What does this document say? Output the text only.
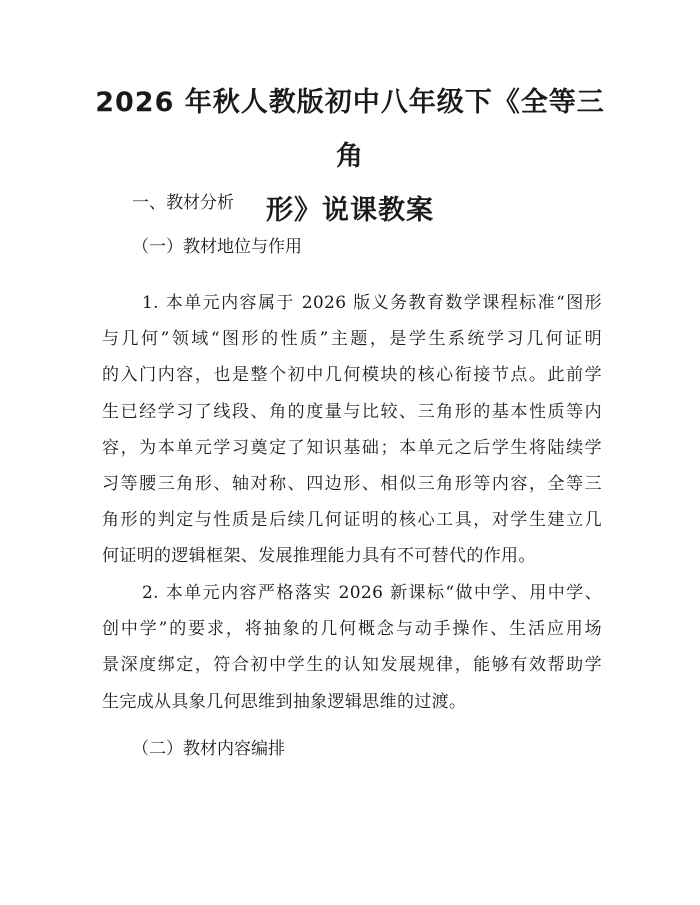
2026 年秋人教版初中八年级下《全等三角
形》说课教案

一、教材分析

（一）教材地位与作用

1. 本单元内容属于 2026 版义务教育数学课程标准“图形
与几何”领域“图形的性质”主题，是学生系统学习几何证明
的入门内容，也是整个初中几何模块的核心衔接节点。此前学
生已经学习了线段、角的度量与比较、三角形的基本性质等内
容，为本单元学习奠定了知识基础；本单元之后学生将陆续学
习等腰三角形、轴对称、四边形、相似三角形等内容，全等三
角形的判定与性质是后续几何证明的核心工具，对学生建立几
何证明的逻辑框架、发展推理能力具有不可替代的作用。
2. 本单元内容严格落实 2026 新课标“做中学、用中学、
创中学”的要求，将抽象的几何概念与动手操作、生活应用场
景深度绑定，符合初中学生的认知发展规律，能够有效帮助学
生完成从具象几何思维到抽象逻辑思维的过渡。

（二）教材内容编排
